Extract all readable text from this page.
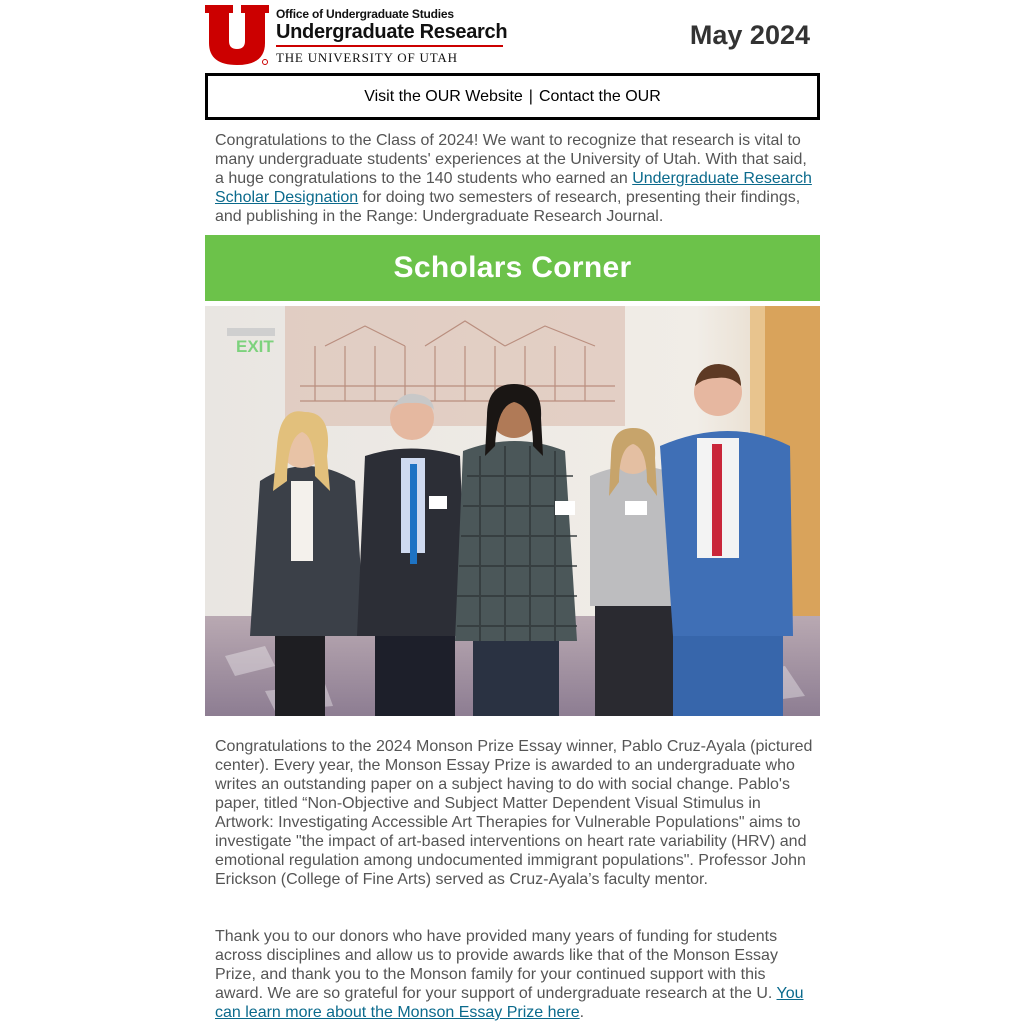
Office of Undergraduate Studies
Undergraduate Research
THE UNIVERSITY OF UTAH
May 2024
Visit the OUR Website | Contact the OUR

Congratulations to the Class of 2024! We want to recognize that research is vital to many undergraduate students' experiences at the University of Utah. With that said, a huge congratulations to the 140 students who earned an Undergraduate Research Scholar Designation for doing two semesters of research, presenting their findings, and publishing in the Range: Undergraduate Research Journal.

Scholars Corner
EXIT

Congratulations to the 2024 Monson Prize Essay winner, Pablo Cruz-Ayala (pictured center). Every year, the Monson Essay Prize is awarded to an undergraduate who writes an outstanding paper on a subject having to do with social change. Pablo's paper, titled “Non-Objective and Subject Matter Dependent Visual Stimulus in Artwork: Investigating Accessible Art Therapies for Vulnerable Populations" aims to investigate "the impact of art-based interventions on heart rate variability (HRV) and emotional regulation among undocumented immigrant populations". Professor John Erickson (College of Fine Arts) served as Cruz-Ayala’s faculty mentor.

Thank you to our donors who have provided many years of funding for students across disciplines and allow us to provide awards like that of the Monson Essay Prize, and thank you to the Monson family for your continued support with this award. We are so grateful for your support of undergraduate research at the U. You can learn more about the Monson Essay Prize here.
